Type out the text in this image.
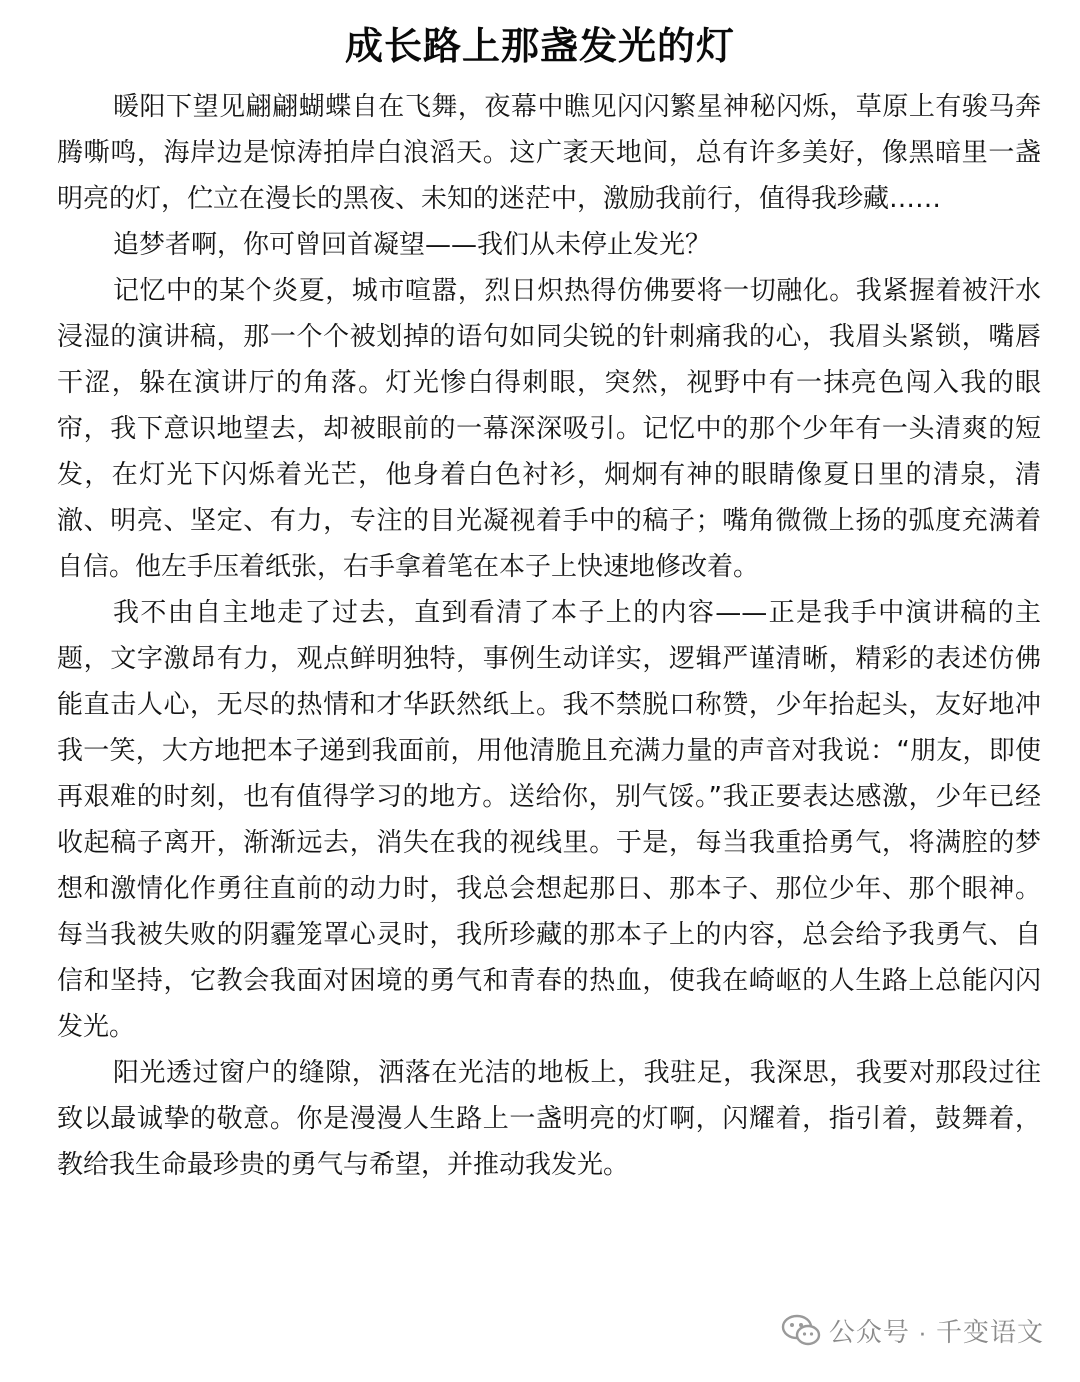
成长路上那盏发光的灯

暖阳下望见翩翩蝴蝶自在飞舞，夜幕中瞧见闪闪繁星神秘闪烁，草原上有骏马奔腾嘶鸣，海岸边是惊涛拍岸白浪滔天。这广袤天地间，总有许多美好，像黑暗里一盏明亮的灯，伫立在漫长的黑夜、未知的迷茫中，激励我前行，值得我珍藏……

追梦者啊，你可曾回首凝望——我们从未停止发光？

记忆中的某个炎夏，城市喧嚣，烈日炽热得仿佛要将一切融化。我紧握着被汗水浸湿的演讲稿，那一个个被划掉的语句如同尖锐的针刺痛我的心，我眉头紧锁，嘴唇干涩，躲在演讲厅的角落。灯光惨白得刺眼，突然，视野中有一抹亮色闯入我的眼帘，我下意识地望去，却被眼前的一幕深深吸引。记忆中的那个少年有一头清爽的短发，在灯光下闪烁着光芒，他身着白色衬衫，炯炯有神的眼睛像夏日里的清泉，清澈、明亮、坚定、有力，专注的目光凝视着手中的稿子；嘴角微微上扬的弧度充满着自信。他左手压着纸张，右手拿着笔在本子上快速地修改着。

我不由自主地走了过去，直到看清了本子上的内容——正是我手中演讲稿的主题，文字激昂有力，观点鲜明独特，事例生动详实，逻辑严谨清晰，精彩的表述仿佛能直击人心，无尽的热情和才华跃然纸上。我不禁脱口称赞，少年抬起头，友好地冲我一笑，大方地把本子递到我面前，用他清脆且充满力量的声音对我说：“朋友，即使再艰难的时刻，也有值得学习的地方。送给你，别气馁。”我正要表达感激，少年已经收起稿子离开，渐渐远去，消失在我的视线里。于是，每当我重拾勇气，将满腔的梦想和激情化作勇往直前的动力时，我总会想起那日、那本子、那位少年、那个眼神。每当我被失败的阴霾笼罩心灵时，我所珍藏的那本子上的内容，总会给予我勇气、自信和坚持，它教会我面对困境的勇气和青春的热血，使我在崎岖的人生路上总能闪闪发光。

阳光透过窗户的缝隙，洒落在光洁的地板上，我驻足，我深思，我要对那段过往致以最诚挚的敬意。你是漫漫人生路上一盏明亮的灯啊，闪耀着，指引着，鼓舞着，教给我生命最珍贵的勇气与希望，并推动我发光。

公众号 · 千变语文
